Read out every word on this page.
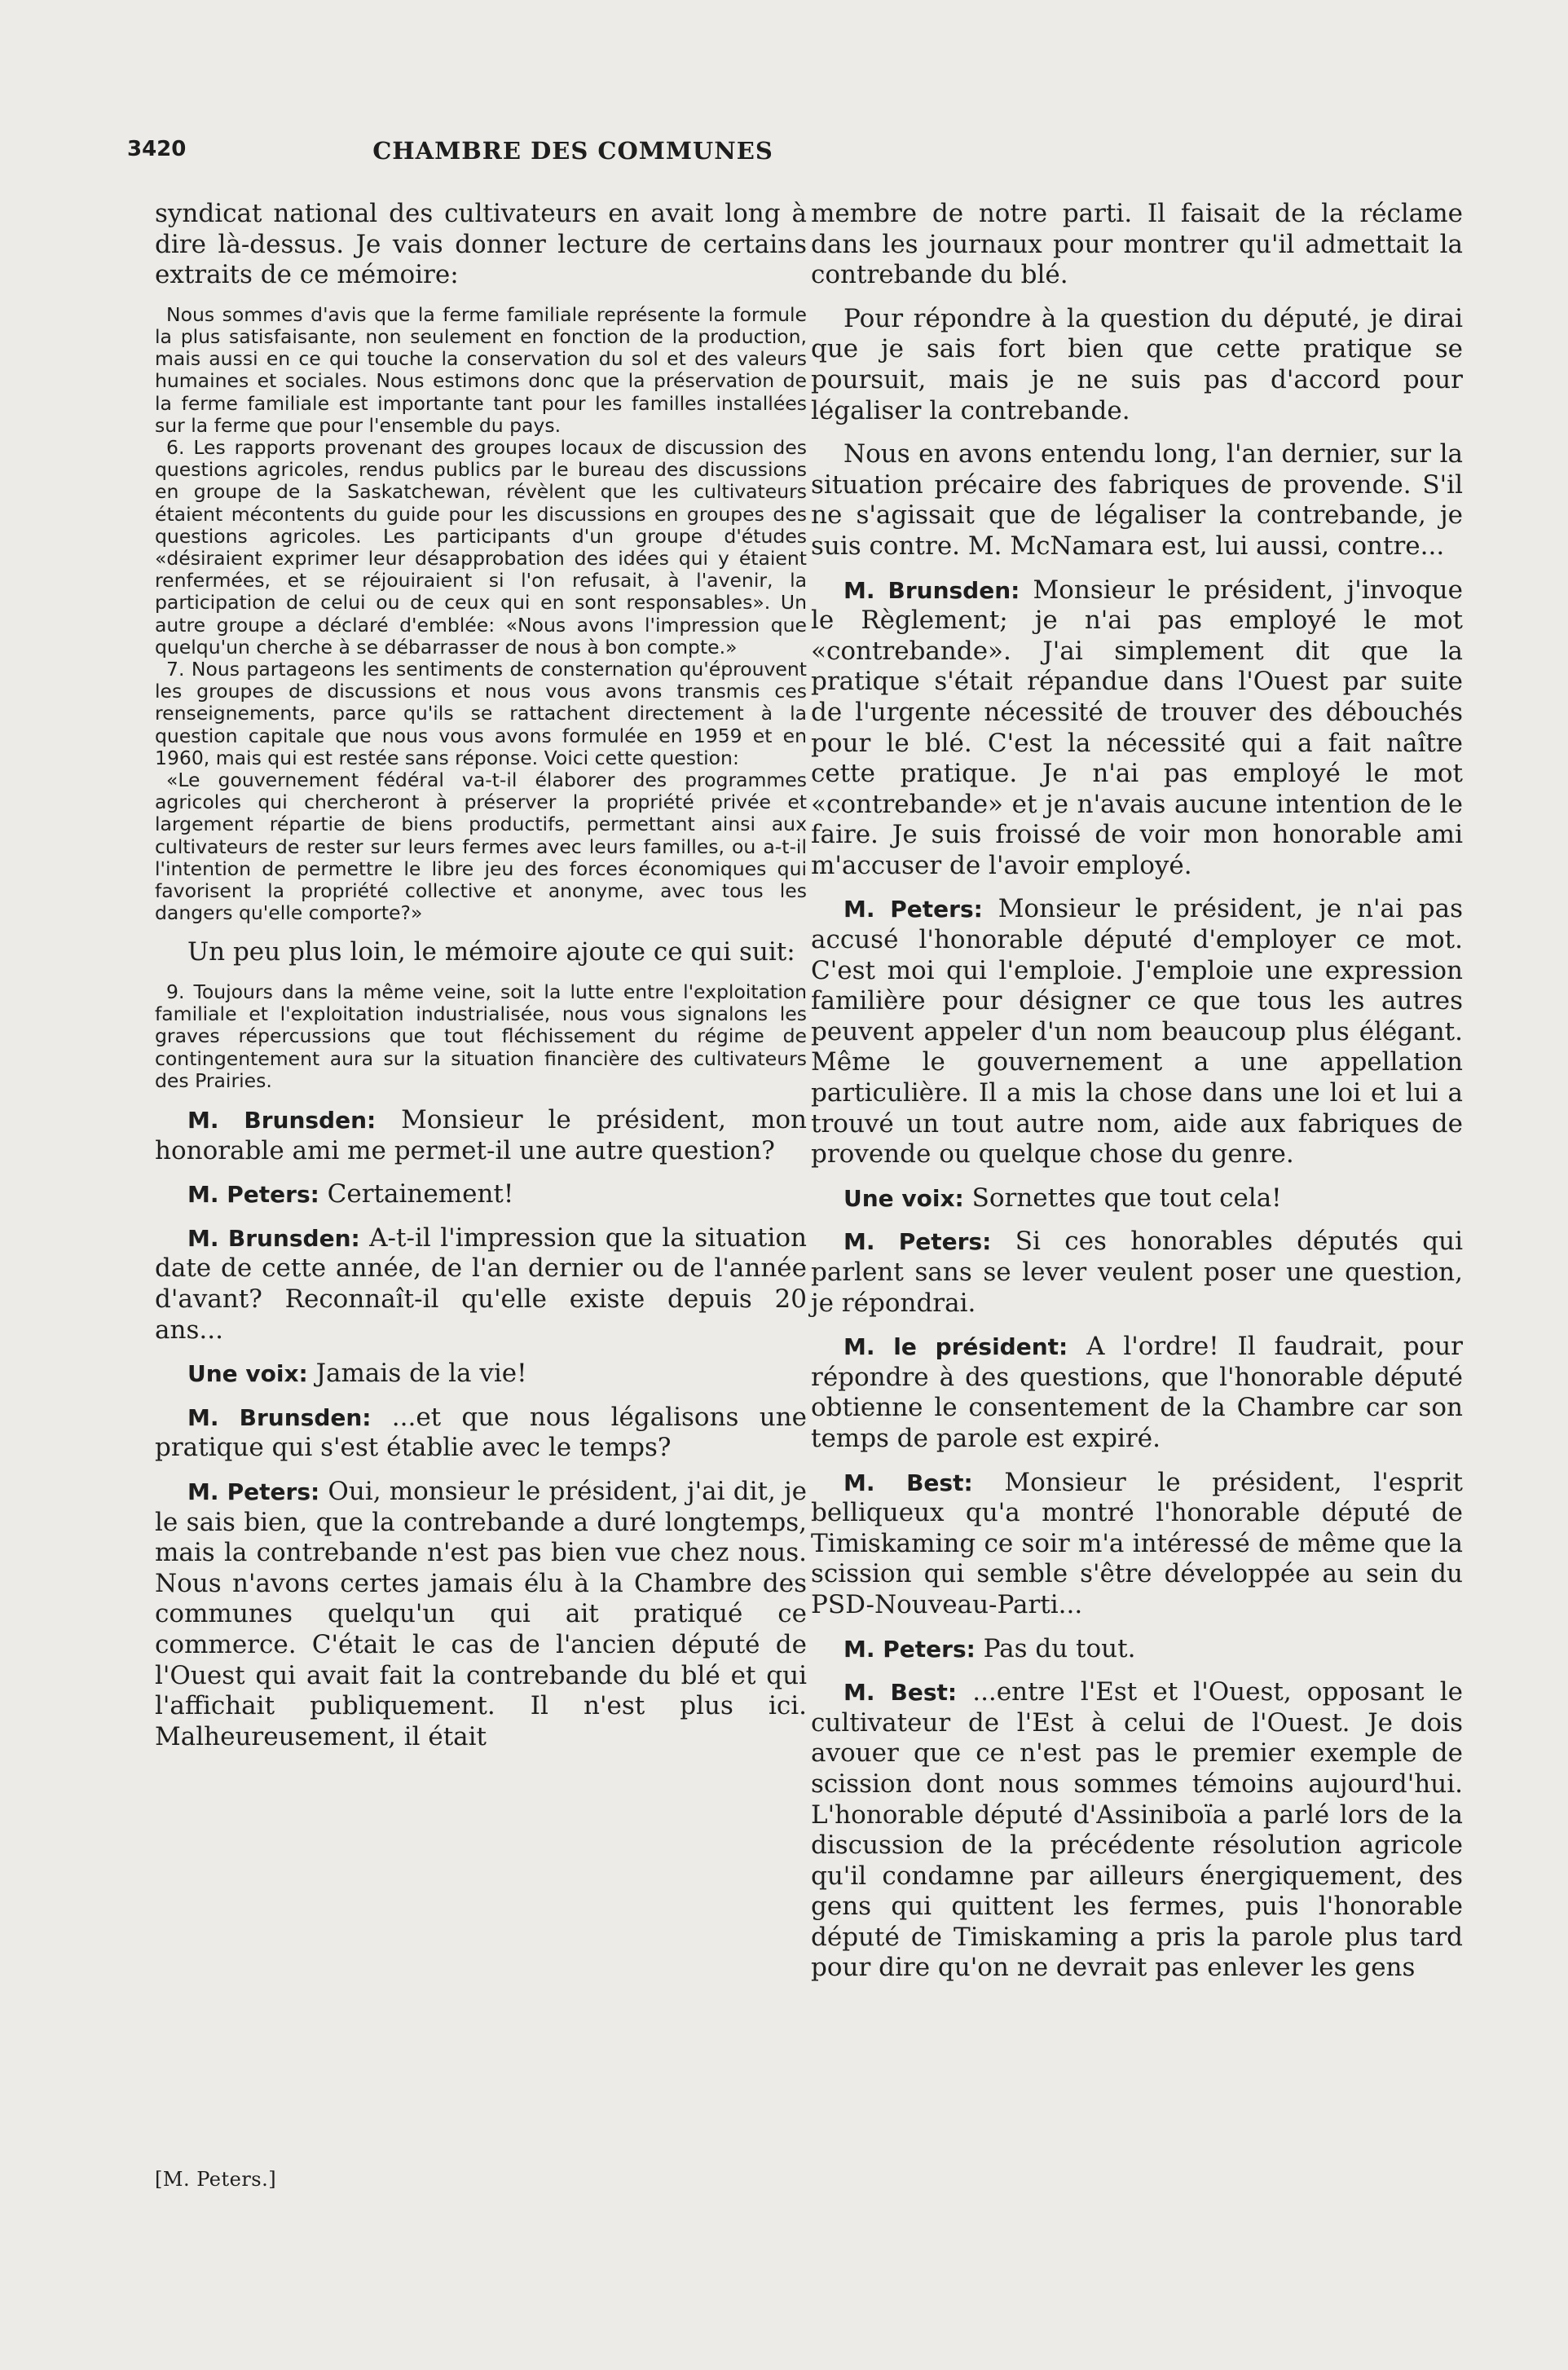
3420	CHAMBRE DES COMMUNES

syndicat national des cultivateurs en avait long à dire là-dessus. Je vais donner lecture de certains extraits de ce mémoire:

Nous sommes d'avis que la ferme familiale représente la formule la plus satisfaisante, non seulement en fonction de la production, mais aussi en ce qui touche la conservation du sol et des valeurs humaines et sociales. Nous estimons donc que la préservation de la ferme familiale est importante tant pour les familles installées sur la ferme que pour l'ensemble du pays.

6. Les rapports provenant des groupes locaux de discussion des questions agricoles, rendus publics par le bureau des discussions en groupe de la Saskatchewan, révèlent que les cultivateurs étaient mécontents du guide pour les discussions en groupes des questions agricoles. Les participants d'un groupe d'études «désiraient exprimer leur désapprobation des idées qui y étaient renfermées, et se réjouiraient si l'on refusait, à l'avenir, la participation de celui ou de ceux qui en sont responsables». Un autre groupe a déclaré d'emblée: «Nous avons l'impression que quelqu'un cherche à se débarrasser de nous à bon compte.»

7. Nous partageons les sentiments de consternation qu'éprouvent les groupes de discussions et nous vous avons transmis ces renseignements, parce qu'ils se rattachent directement à la question capitale que nous vous avons formulée en 1959 et en 1960, mais qui est restée sans réponse. Voici cette question:

«Le gouvernement fédéral va-t-il élaborer des programmes agricoles qui chercheront à préserver la propriété privée et largement répartie de biens productifs, permettant ainsi aux cultivateurs de rester sur leurs fermes avec leurs familles, ou a-t-il l'intention de permettre le libre jeu des forces économiques qui favorisent la propriété collective et anonyme, avec tous les dangers qu'elle comporte?»

Un peu plus loin, le mémoire ajoute ce qui suit:

9. Toujours dans la même veine, soit la lutte entre l'exploitation familiale et l'exploitation industrialisée, nous vous signalons les graves répercussions que tout fléchissement du régime de contingentement aura sur la situation financière des cultivateurs des Prairies.

M. Brunsden: Monsieur le président, mon honorable ami me permet-il une autre question?

M. Peters: Certainement!

M. Brunsden: A-t-il l'impression que la situation date de cette année, de l'an dernier ou de l'année d'avant? Reconnaît-il qu'elle existe depuis 20 ans...

Une voix: Jamais de la vie!

M. Brunsden: ...et que nous légalisons une pratique qui s'est établie avec le temps?

M. Peters: Oui, monsieur le président, j'ai dit, je le sais bien, que la contrebande a duré longtemps, mais la contrebande n'est pas bien vue chez nous. Nous n'avons certes jamais élu à la Chambre des communes quelqu'un qui ait pratiqué ce commerce. C'était le cas de l'ancien député de l'Ouest qui avait fait la contrebande du blé et qui l'affichait publiquement. Il n'est plus ici. Malheureusement, il était

[M. Peters.]

membre de notre parti. Il faisait de la réclame dans les journaux pour montrer qu'il admettait la contrebande du blé.

Pour répondre à la question du député, je dirai que je sais fort bien que cette pratique se poursuit, mais je ne suis pas d'accord pour légaliser la contrebande.

Nous en avons entendu long, l'an dernier, sur la situation précaire des fabriques de provende. S'il ne s'agissait que de légaliser la contrebande, je suis contre. M. McNamara est, lui aussi, contre...

M. Brunsden: Monsieur le président, j'invoque le Règlement; je n'ai pas employé le mot «contrebande». J'ai simplement dit que la pratique s'était répandue dans l'Ouest par suite de l'urgente nécessité de trouver des débouchés pour le blé. C'est la nécessité qui a fait naître cette pratique. Je n'ai pas employé le mot «contrebande» et je n'avais aucune intention de le faire. Je suis froissé de voir mon honorable ami m'accuser de l'avoir employé.

M. Peters: Monsieur le président, je n'ai pas accusé l'honorable député d'employer ce mot. C'est moi qui l'emploie. J'emploie une expression familière pour désigner ce que tous les autres peuvent appeler d'un nom beaucoup plus élégant. Même le gouvernement a une appellation particulière. Il a mis la chose dans une loi et lui a trouvé un tout autre nom, aide aux fabriques de provende ou quelque chose du genre.

Une voix: Sornettes que tout cela!

M. Peters: Si ces honorables députés qui parlent sans se lever veulent poser une question, je répondrai.

M. le président: A l'ordre! Il faudrait, pour répondre à des questions, que l'honorable député obtienne le consentement de la Chambre car son temps de parole est expiré.

M. Best: Monsieur le président, l'esprit belliqueux qu'a montré l'honorable député de Timiskaming ce soir m'a intéressé de même que la scission qui semble s'être développée au sein du PSD-Nouveau-Parti...

M. Peters: Pas du tout.

M. Best: ...entre l'Est et l'Ouest, opposant le cultivateur de l'Est à celui de l'Ouest. Je dois avouer que ce n'est pas le premier exemple de scission dont nous sommes témoins aujourd'hui. L'honorable député d'Assiniboïa a parlé lors de la discussion de la précédente résolution agricole qu'il condamne par ailleurs énergiquement, des gens qui quittent les fermes, puis l'honorable député de Timiskaming a pris la parole plus tard pour dire qu'on ne devrait pas enlever les gens
